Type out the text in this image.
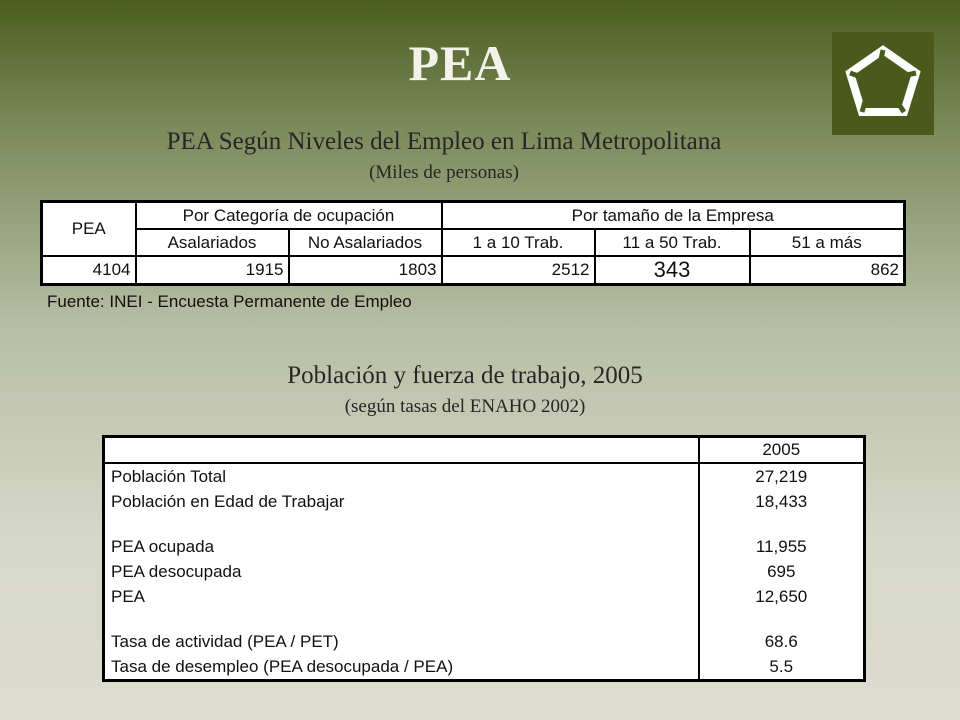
PEA
PEA Según Niveles del Empleo en Lima Metropolitana
(Miles de personas)
PEA	Por Categoría de ocupación		Por tamaño de la Empresa		
	Asalariados	No Asalariados	1 a 10 Trab.	11 a 50 Trab.	51 a más
4104	1915	1803	2512	343	862
Fuente: INEI - Encuesta Permanente de Empleo
Población y fuerza de trabajo, 2005
(según tasas del ENAHO 2002)
	2005
Población Total	27,219
Población en Edad de Trabajar	18,433

PEA ocupada	11,955
PEA desocupada	695
PEA	12,650

Tasa de actividad (PEA / PET)	68.6
Tasa de desempleo (PEA desocupada / PEA)	5.5
